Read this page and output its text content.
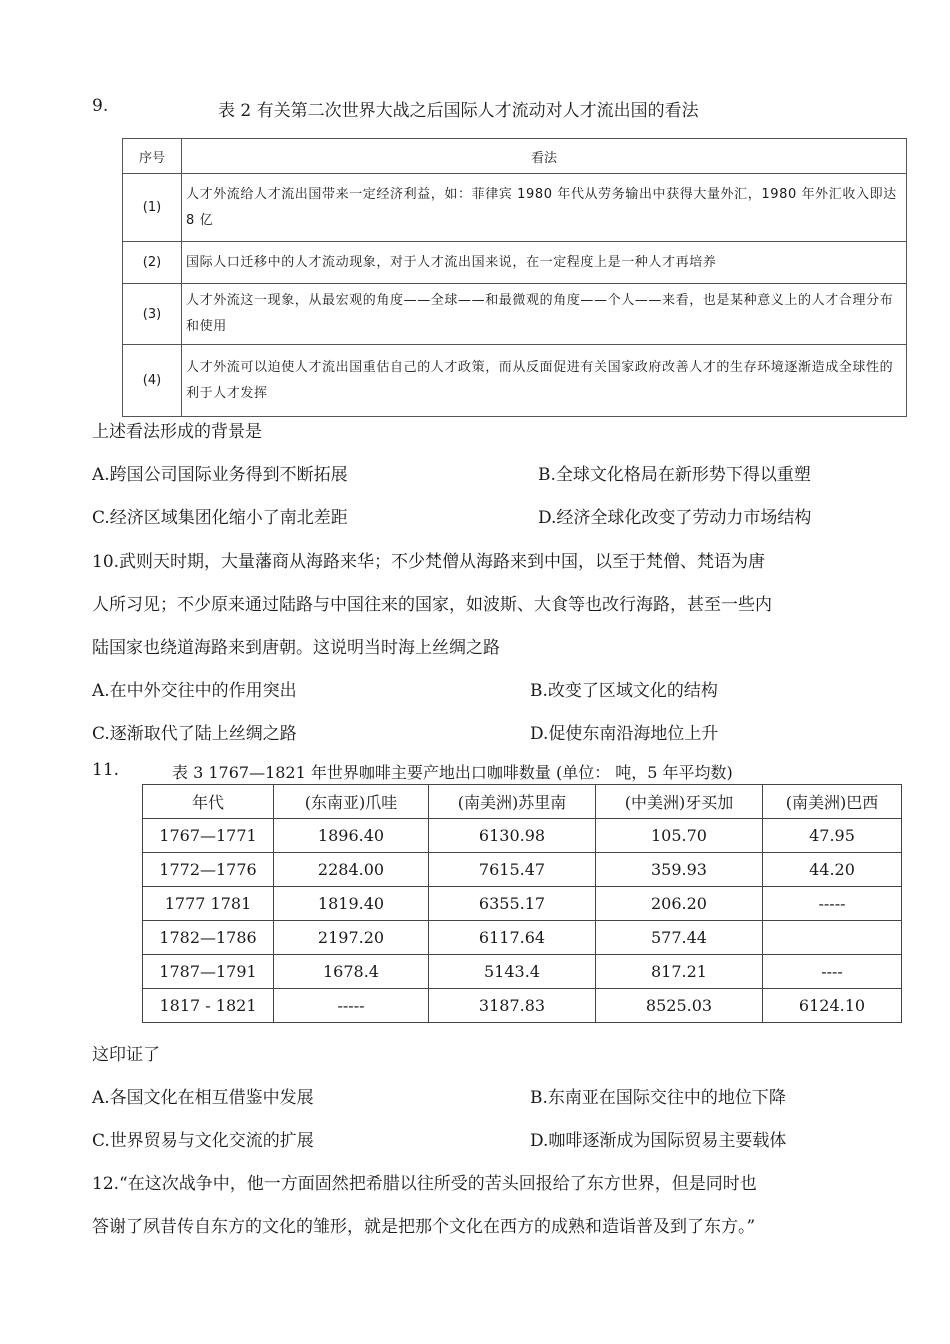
9.	表 2 有关第二次世界大战之后国际人才流动对人才流出国的看法
序号	看法
(1)	人才外流给人才流出国带来一定经济利益，如：菲律宾 1980 年代从劳务输出中获得大量外汇，1980 年外汇收入即达 8 亿
(2)	国际人口迁移中的人才流动现象，对于人才流出国来说，在一定程度上是一种人才再培养
(3)	人才外流这一现象，从最宏观的角度——全球——和最微观的角度——个人——来看，也是某种意义上的人才合理分布和使用
(4)	人才外流可以迫使人才流出国重估自己的人才政策，而从反面促进有关国家政府改善人才的生存环境逐渐造成全球性的利于人才发挥
上述看法形成的背景是
A.跨国公司国际业务得到不断拓展	B.全球文化格局在新形势下得以重塑
C.经济区域集团化缩小了南北差距	D.经济全球化改变了劳动力市场结构
10.武则天时期，大量藩商从海路来华；不少梵僧从海路来到中国，以至于梵僧、梵语为唐
人所习见；不少原来通过陆路与中国往来的国家，如波斯、大食等也改行海路，甚至一些内
陆国家也绕道海路来到唐朝。这说明当时海上丝绸之路
A.在中外交往中的作用突出	B.改变了区域文化的结构
C.逐渐取代了陆上丝绸之路	D.促使东南沿海地位上升
11.	表 3 1767—1821 年世界咖啡主要产地出口咖啡数量 (单位： 吨，5 年平均数)
年代	(东南亚)爪哇	(南美洲)苏里南	(中美洲)牙买加	(南美洲)巴西
1767—1771	1896.40	6130.98	105.70	47.95
1772—1776	2284.00	7615.47	359.93	44.20
1777 1781	1819.40	6355.17	206.20	-----
1782—1786	2197.20	6117.64	577.44	
1787—1791	1678.4	5143.4	817.21	----
1817 - 1821	-----	3187.83	8525.03	6124.10
这印证了
A.各国文化在相互借鉴中发展	B.东南亚在国际交往中的地位下降
C.世界贸易与文化交流的扩展	D.咖啡逐渐成为国际贸易主要载体
12.“在这次战争中，他一方面固然把希腊以往所受的苦头回报给了东方世界，但是同时也
答谢了夙昔传自东方的文化的雏形，就是把那个文化在西方的成熟和造诣普及到了东方。”
